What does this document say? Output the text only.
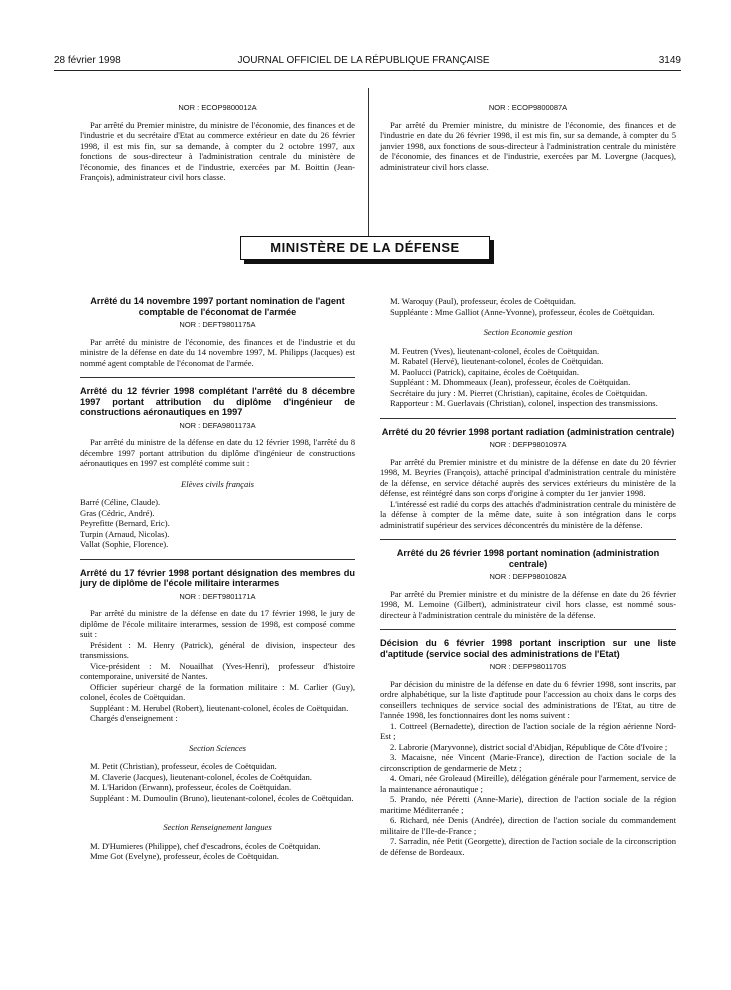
28 février 1998	JOURNAL OFFICIEL DE LA RÉPUBLIQUE FRANÇAISE	3149
NOR : ECOP9800012A

Par arrêté du Premier ministre, du ministre de l'économie, des finances et de l'industrie et du secrétaire d'Etat au commerce extérieur en date du 26 février 1998, il est mis fin, sur sa demande, à compter du 2 octobre 1997, aux fonctions de sous-directeur à l'administration centrale du ministère de l'économie, des finances et de l'industrie, exercées par M. Boittin (Jean-François), administrateur civil hors classe.

NOR : ECOP9800087A

Par arrêté du Premier ministre, du ministre de l'économie, des finances et de l'industrie en date du 26 février 1998, il est mis fin, sur sa demande, à compter du 5 janvier 1998, aux fonctions de sous-directeur à l'administration centrale du ministère de l'économie, des finances et de l'industrie, exercées par M. Lovergne (Jacques), administrateur civil hors classe.

MINISTÈRE DE LA DÉFENSE
Arrêté du 14 novembre 1997 portant nomination de l'agent comptable de l'économat de l'armée
NOR : DEFT9801175A

Par arrêté du ministre de l'économie, des finances et de l'industrie et du ministre de la défense en date du 14 novembre 1997, M. Philipps (Jacques) est nommé agent comptable de l'économat de l'armée.

Arrêté du 12 février 1998 complétant l'arrêté du 8 décembre 1997 portant attribution du diplôme d'ingénieur de constructions aéronautiques en 1997
NOR : DEFA9801173A

Par arrêté du ministre de la défense en date du 12 février 1998, l'arrêté du 8 décembre 1997 portant attribution du diplôme d'ingénieur de constructions aéronautiques en 1997 est complété comme suit :

Elèves civils français

Barré (Céline, Claude).

Gras (Cédric, André).

Peyrefitte (Bernard, Eric).

Turpin (Arnaud, Nicolas).

Vallat (Sophie, Florence).

Arrêté du 17 février 1998 portant désignation des membres du jury de diplôme de l'école militaire interarmes
NOR : DEFT9801171A

Par arrêté du ministre de la défense en date du 17 février 1998, le jury de diplôme de l'école militaire interarmes, session de 1998, est composé comme suit :

Président : M. Henry (Patrick), général de division, inspecteur des transmissions.

Vice-président : M. Nouailhat (Yves-Henri), professeur d'histoire contemporaine, université de Nantes.

Officier supérieur chargé de la formation militaire : M. Carlier (Guy), colonel, écoles de Coëtquidan.

Suppléant : M. Herubel (Robert), lieutenant-colonel, écoles de Coëtquidan.

Chargés d'enseignement :

Section Sciences

M. Petit (Christian), professeur, écoles de Coëtquidan.

M. Claverie (Jacques), lieutenant-colonel, écoles de Coëtquidan.

M. L'Haridon (Erwann), professeur, écoles de Coëtquidan.

Suppléant : M. Dumoulin (Bruno), lieutenant-colonel, écoles de Coëtquidan.

Section Renseignement langues

M. D'Humieres (Philippe), chef d'escadrons, écoles de Coëtquidan.

Mme Got (Evelyne), professeur, écoles de Coëtquidan.

M. Waroquy (Paul), professeur, écoles de Coëtquidan.

Suppléante : Mme Galliot (Anne-Yvonne), professeur, écoles de Coëtquidan.

Section Economie gestion

M. Feutren (Yves), lieutenant-colonel, écoles de Coëtquidan.

M. Rabatel (Hervé), lieutenant-colonel, écoles de Coëtquidan.

M. Paolucci (Patrick), capitaine, écoles de Coëtquidan.

Suppléant : M. Dhommeaux (Jean), professeur, écoles de Coëtquidan.

Secrétaire du jury : M. Pierret (Christian), capitaine, écoles de Coëtquidan.

Rapporteur : M. Guerlavais (Christian), colonel, inspection des transmissions.

Arrêté du 20 février 1998 portant radiation (administration centrale)
NOR : DEFP9801097A

Par arrêté du Premier ministre et du ministre de la défense en date du 20 février 1998, M. Beyries (François), attaché principal d'administration centrale du ministère de la défense, en service détaché auprès des services extérieurs du ministère de la défense, est réintégré dans son corps d'origine à compter du 1er janvier 1998.

L'intéressé est radié du corps des attachés d'administration centrale du ministère de la défense à compter de la même date, suite à son intégration dans le corps administratif supérieur des services déconcentrés du ministère de la défense.

Arrêté du 26 février 1998 portant nomination (administration centrale)
NOR : DEFP9801082A

Par arrêté du Premier ministre et du ministre de la défense en date du 26 février 1998, M. Lemoine (Gilbert), administrateur civil hors classe, est nommé sous-directeur à l'administration centrale du ministère de la défense.

Décision du 6 février 1998 portant inscription sur une liste d'aptitude (service social des administrations de l'Etat)
NOR : DEFP9801170S

Par décision du ministre de la défense en date du 6 février 1998, sont inscrits, par ordre alphabétique, sur la liste d'aptitude pour l'accession au choix dans le corps des conseillers techniques de service social des administrations de l'Etat, au titre de l'année 1998, les fonctionnaires dont les noms suivent :

1. Cottreel (Bernadette), direction de l'action sociale de la région aérienne Nord-Est ;

2. Labrorie (Maryvonne), district social d'Abidjan, République de Côte d'Ivoire ;

3. Macaisne, née Vincent (Marie-France), direction de l'action sociale de la circonscription de gendarmerie de Metz ;

4. Omari, née Groleaud (Mireille), délégation générale pour l'armement, service de la maintenance aéronautique ;

5. Prando, née Péretti (Anne-Marie), direction de l'action sociale de la région maritime Méditerranée ;

6. Richard, née Denis (Andrée), direction de l'action sociale du commandement militaire de l'Ile-de-France ;

7. Sarradin, née Petit (Georgette), direction de l'action sociale de la circonscription de défense de Bordeaux.
